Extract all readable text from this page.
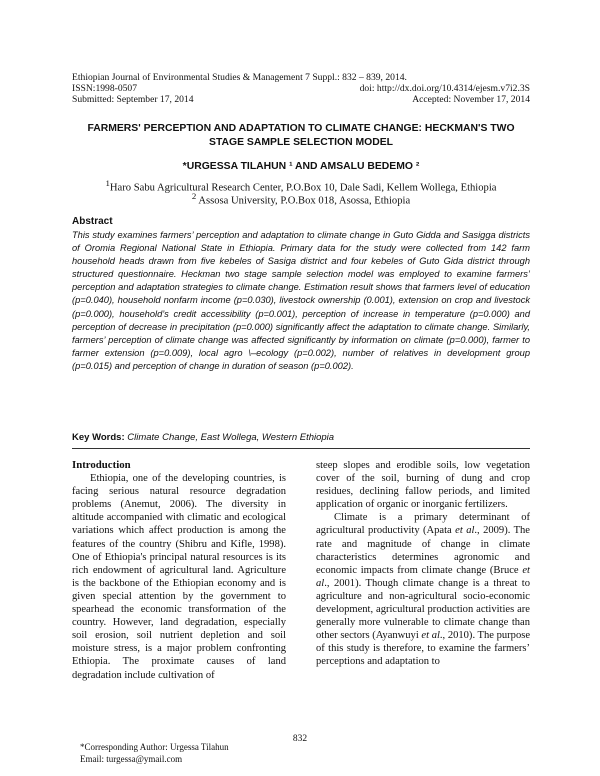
Ethiopian Journal of Environmental Studies & Management 7 Suppl.: 832 – 839, 2014.
ISSN:1998-0507	doi: http://dx.doi.org/10.4314/ejesm.v7i2.3S
Submitted: September 17, 2014	Accepted: November 17, 2014
FARMERS' PERCEPTION AND ADAPTATION TO CLIMATE CHANGE: HECKMAN'S TWO
STAGE SAMPLE SELECTION MODEL
*URGESSA TILAHUN ¹ AND AMSALU BEDEMO ²
$^1$Haro Sabu Agricultural Research Center, P.O.Box 10, Dale Sadi, Kellem Wollega, Ethiopia
$^2$ Assosa University, P.O.Box 018, Asossa, Ethiopia
Abstract
This study examines farmers’ perception and adaptation to climate change in Guto Gidda and Sasigga districts of Oromia Regional National State in Ethiopia. Primary data for the study were collected from 142 farm household heads drawn from five kebeles of Sasiga district and four kebeles of Guto Gida district through structured questionnaire. Heckman two stage sample selection model was employed to examine farmers’ perception and adaptation strategies to climate change. Estimation result shows that farmers level of education (p=0.040), household nonfarm income (p=0.030), livestock ownership (0.001), extension on crop and livestock (p=0.000), household’s credit accessibility (p=0.001), perception of increase in temperature (p=0.000) and perception of decrease in precipitation (p=0.000) significantly affect the adaptation to climate change. Similarly, farmers’ perception of climate change was affected significantly by information on climate (p=0.000), farmer to farmer extension (p=0.009), local agro \–ecology (p=0.002), number of relatives in development group (p=0.015) and perception of change in duration of season (p=0.002).
Key Words: Climate Change, East Wollega, Western Ethiopia
Introduction

Ethiopia, one of the developing countries, is facing serious natural resource degradation problems (Anemut, 2006). The diversity in altitude accompanied with climatic and ecological variations which affect production is among the features of the country (Shibru and Kifle, 1998). One of Ethiopia's principal natural resources is its rich endowment of agricultural land. Agriculture is the backbone of the Ethiopian economy and is given special attention by the government to spearhead the economic transformation of the country. However, land degradation, especially soil erosion, soil nutrient depletion and soil moisture stress, is a major problem confronting Ethiopia. The proximate causes of land degradation include cultivation of

steep slopes and erodible soils, low vegetation cover of the soil, burning of dung and crop residues, declining fallow periods, and limited application of organic or inorganic fertilizers.

Climate is a primary determinant of agricultural productivity (Apata et al., 2009). The rate and magnitude of change in climate characteristics determines agronomic and economic impacts from climate change (Bruce et al., 2001). Though climate change is a threat to agriculture and non-agricultural socio-economic development, agricultural production activities are generally more vulnerable to climate change than other sectors (Ayanwuyi et al., 2010). The purpose of this study is therefore, to examine the farmers’ perceptions and adaptation to

832
*Corresponding Author: Urgessa Tilahun
Email: turgessa@ymail.com
